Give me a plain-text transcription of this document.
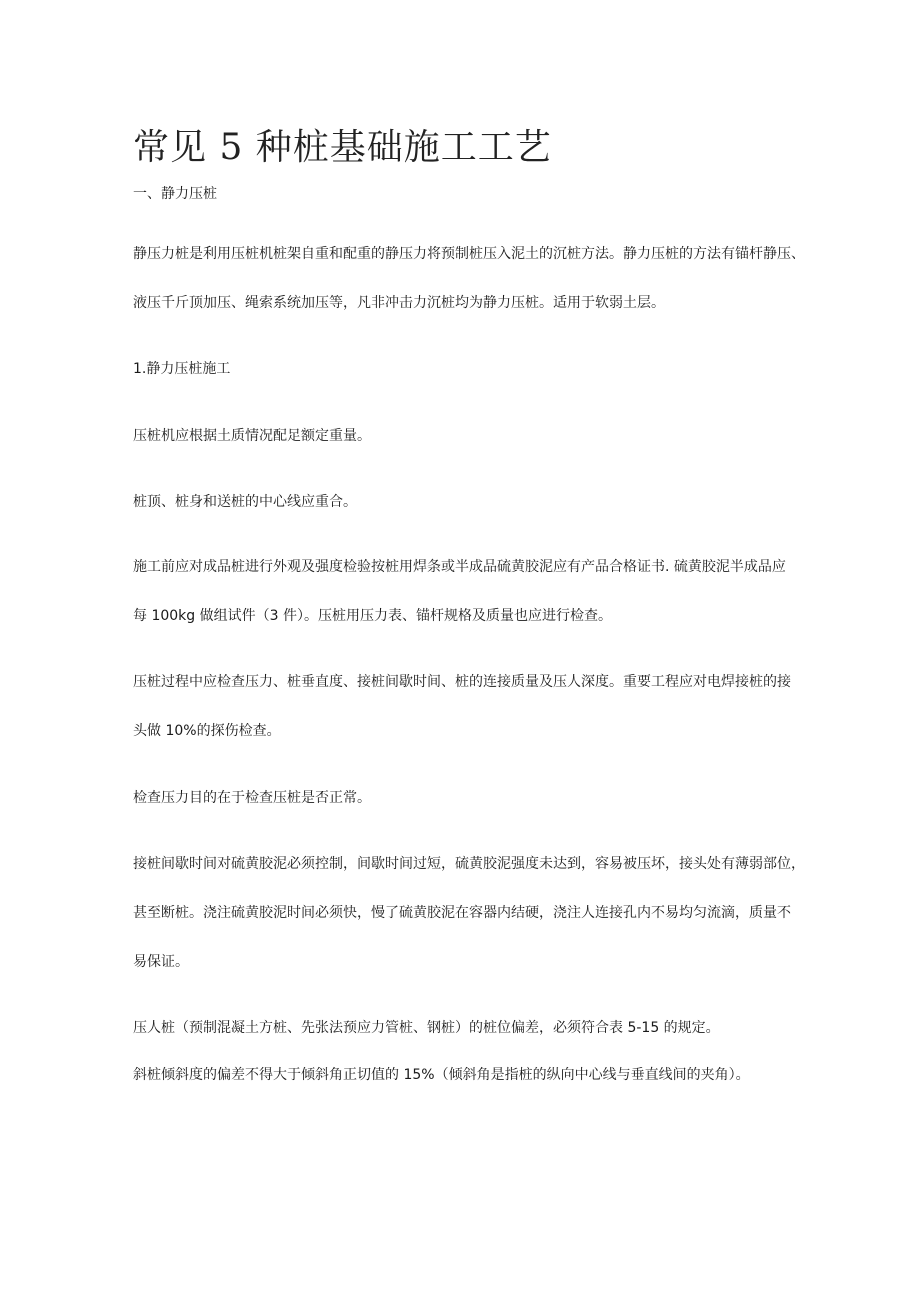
常见 5 种桩基础施工工艺
一、静力压桩
静压力桩是利用压桩机桩架自重和配重的静压力将预制桩压入泥土的沉桩方法。静力压桩的方法有锚杆静压、
液压千斤顶加压、绳索系统加压等，凡非冲击力沉桩均为静力压桩。适用于软弱土层。
1.静力压桩施工
压桩机应根据土质情况配足额定重量。
桩顶、桩身和送桩的中心线应重合。
施工前应对成品桩进行外观及强度检验按桩用焊条或半成品硫黄胶泥应有产品合格证书. 硫黄胶泥半成品应
每 100kg 做组试件（3 件）。压桩用压力表、锚杆规格及质量也应进行检查。
压桩过程中应检查压力、桩垂直度、接桩间歇时间、桩的连接质量及压人深度。重要工程应对电焊接桩的接
头做 10%的探伤检查。
检查压力目的在于检查压桩是否正常。
接桩间歇时间对硫黄胶泥必须控制，间歇时间过短，硫黄胶泥强度未达到，容易被压坏，接头处有薄弱部位，
甚至断桩。浇注硫黄胶泥时间必须快，慢了硫黄胶泥在容器内结硬，浇注人连接孔内不易均匀流滴，质量不
易保证。
压人桩（预制混凝土方桩、先张法预应力管桩、钢桩）的桩位偏差，必须符合表 5-15 的规定。
斜桩倾斜度的偏差不得大于倾斜角正切值的 15%（倾斜角是指桩的纵向中心线与垂直线间的夹角）。
